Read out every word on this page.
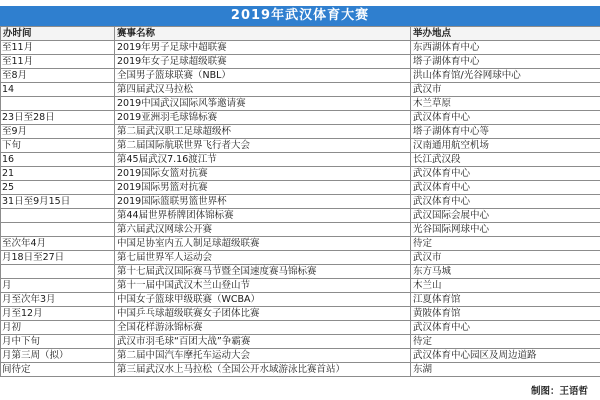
2019年武汉体育大赛
办时间	赛事名称	举办地点
至11月	2019年男子足球中超联赛	东西湖体育中心
至11月	2019年女子足球超级联赛	塔子湖体育中心
至8月	全国男子篮球联赛（NBL）	洪山体育馆/光谷网球中心
14	第四届武汉马拉松	武汉市
	2019中国武汉国际风筝邀请赛	木兰草原
23日至28日	2019亚洲羽毛球锦标赛	武汉体育中心
至9月	第二届武汉职工足球超级杯	塔子湖体育中心等
下旬	第二届国际航联世界飞行者大会	汉南通用航空机场
16	第45届武汉7.16渡江节	长江武汉段
21	2019国际女篮对抗赛	武汉体育中心
25	2019国际男篮对抗赛	武汉体育中心
31日至9月15日	2019国际篮联男篮世界杯	武汉体育中心
	第44届世界桥牌团体锦标赛	武汉国际会展中心
	第六届武汉网球公开赛	光谷国际网球中心
至次年4月	中国足协室内五人制足球超级联赛	待定
月18日至27日	第七届世界军人运动会	武汉市
	第十七届武汉国际赛马节暨全国速度赛马锦标赛	东方马城
月	第十一届中国武汉木兰山登山节	木兰山
月至次年3月	中国女子篮球甲级联赛（WCBA）	江夏体育馆
月至12月	中国乒乓球超级联赛女子团体比赛	黄陂体育馆
月初	全国花样游泳锦标赛	武汉体育中心
月中下旬	武汉市羽毛球“百团大战”争霸赛	待定
月第三周（拟）	第二届中国汽车摩托车运动大会	武汉体育中心园区及周边道路
间待定	第三届武汉水上马拉松（全国公开水域游泳比赛首站）	东湖
制图：王语哲
